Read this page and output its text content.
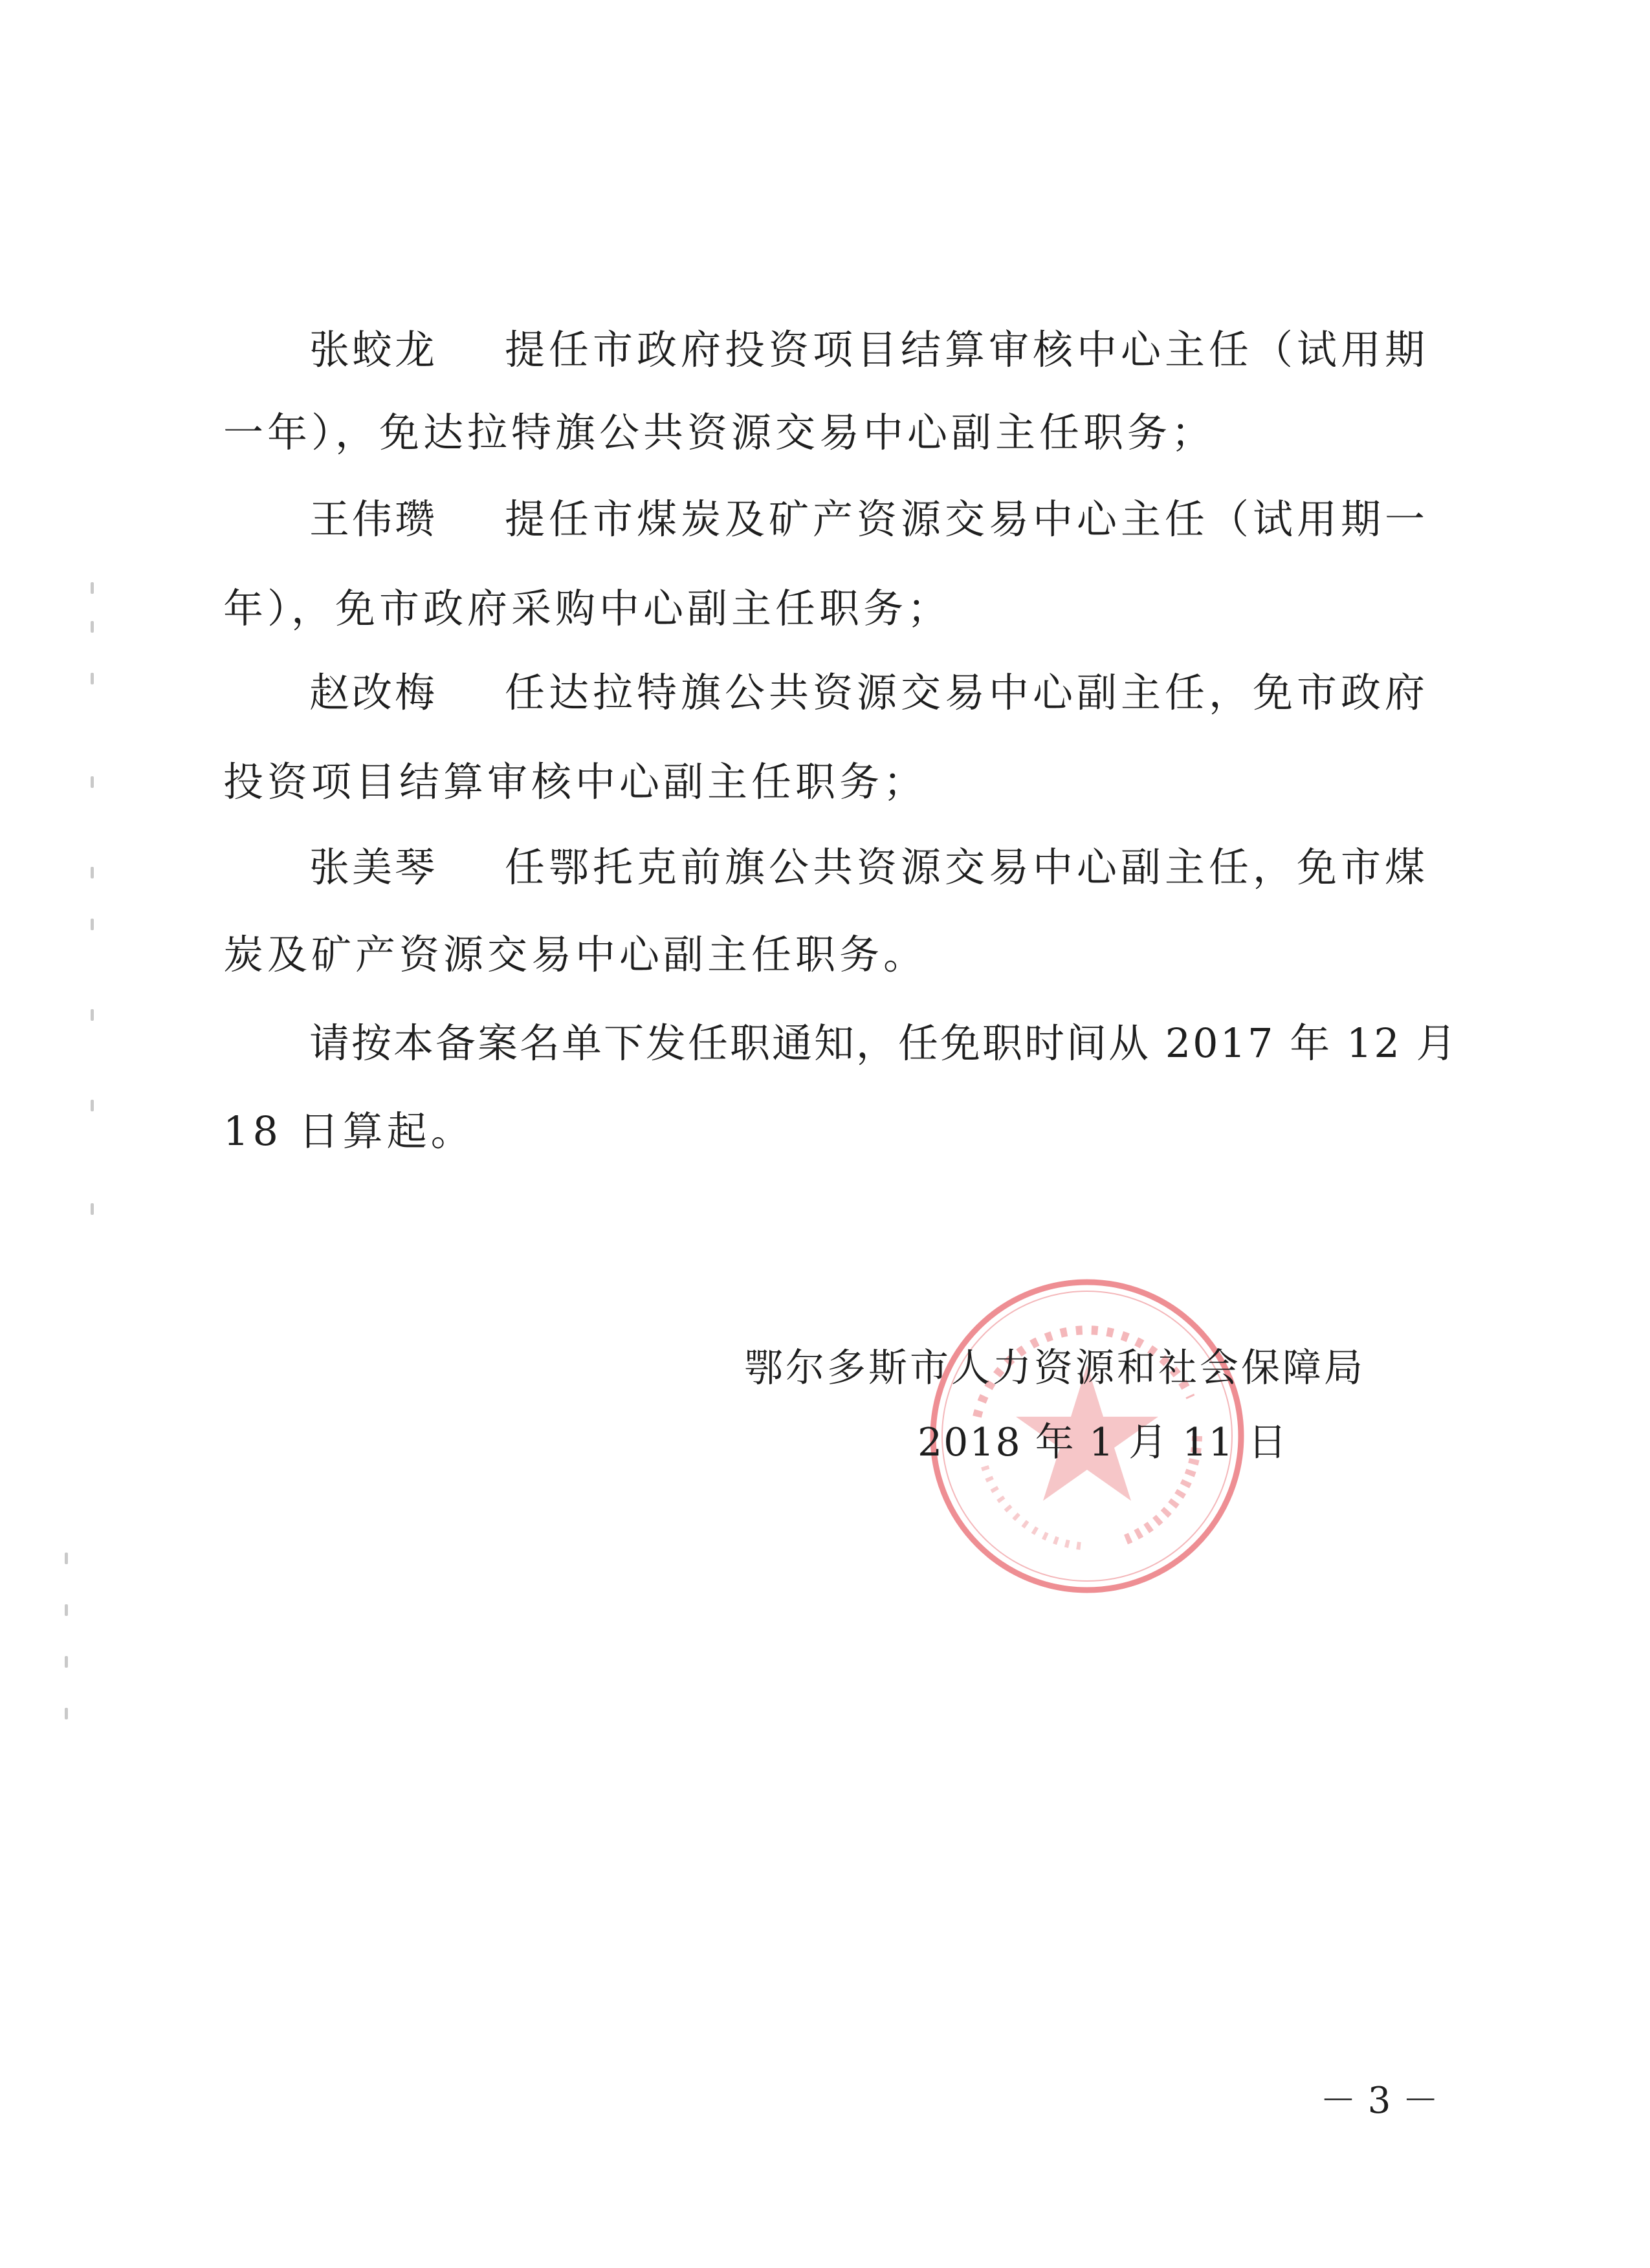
张蛟龙 提任市政府投资项目结算审核中心主任（试用期
一年），免达拉特旗公共资源交易中心副主任职务；
王伟瓒 提任市煤炭及矿产资源交易中心主任（试用期一
年），免市政府采购中心副主任职务；
赵改梅 任达拉特旗公共资源交易中心副主任，免市政府
投资项目结算审核中心副主任职务；
张美琴 任鄂托克前旗公共资源交易中心副主任，免市煤
炭及矿产资源交易中心副主任职务。
请按本备案名单下发任职通知，任免职时间从 2017 年 12 月
18 日算起。
鄂尔多斯市人力资源和社会保障局
2018 年 1 月 11 日
－ 3 －
